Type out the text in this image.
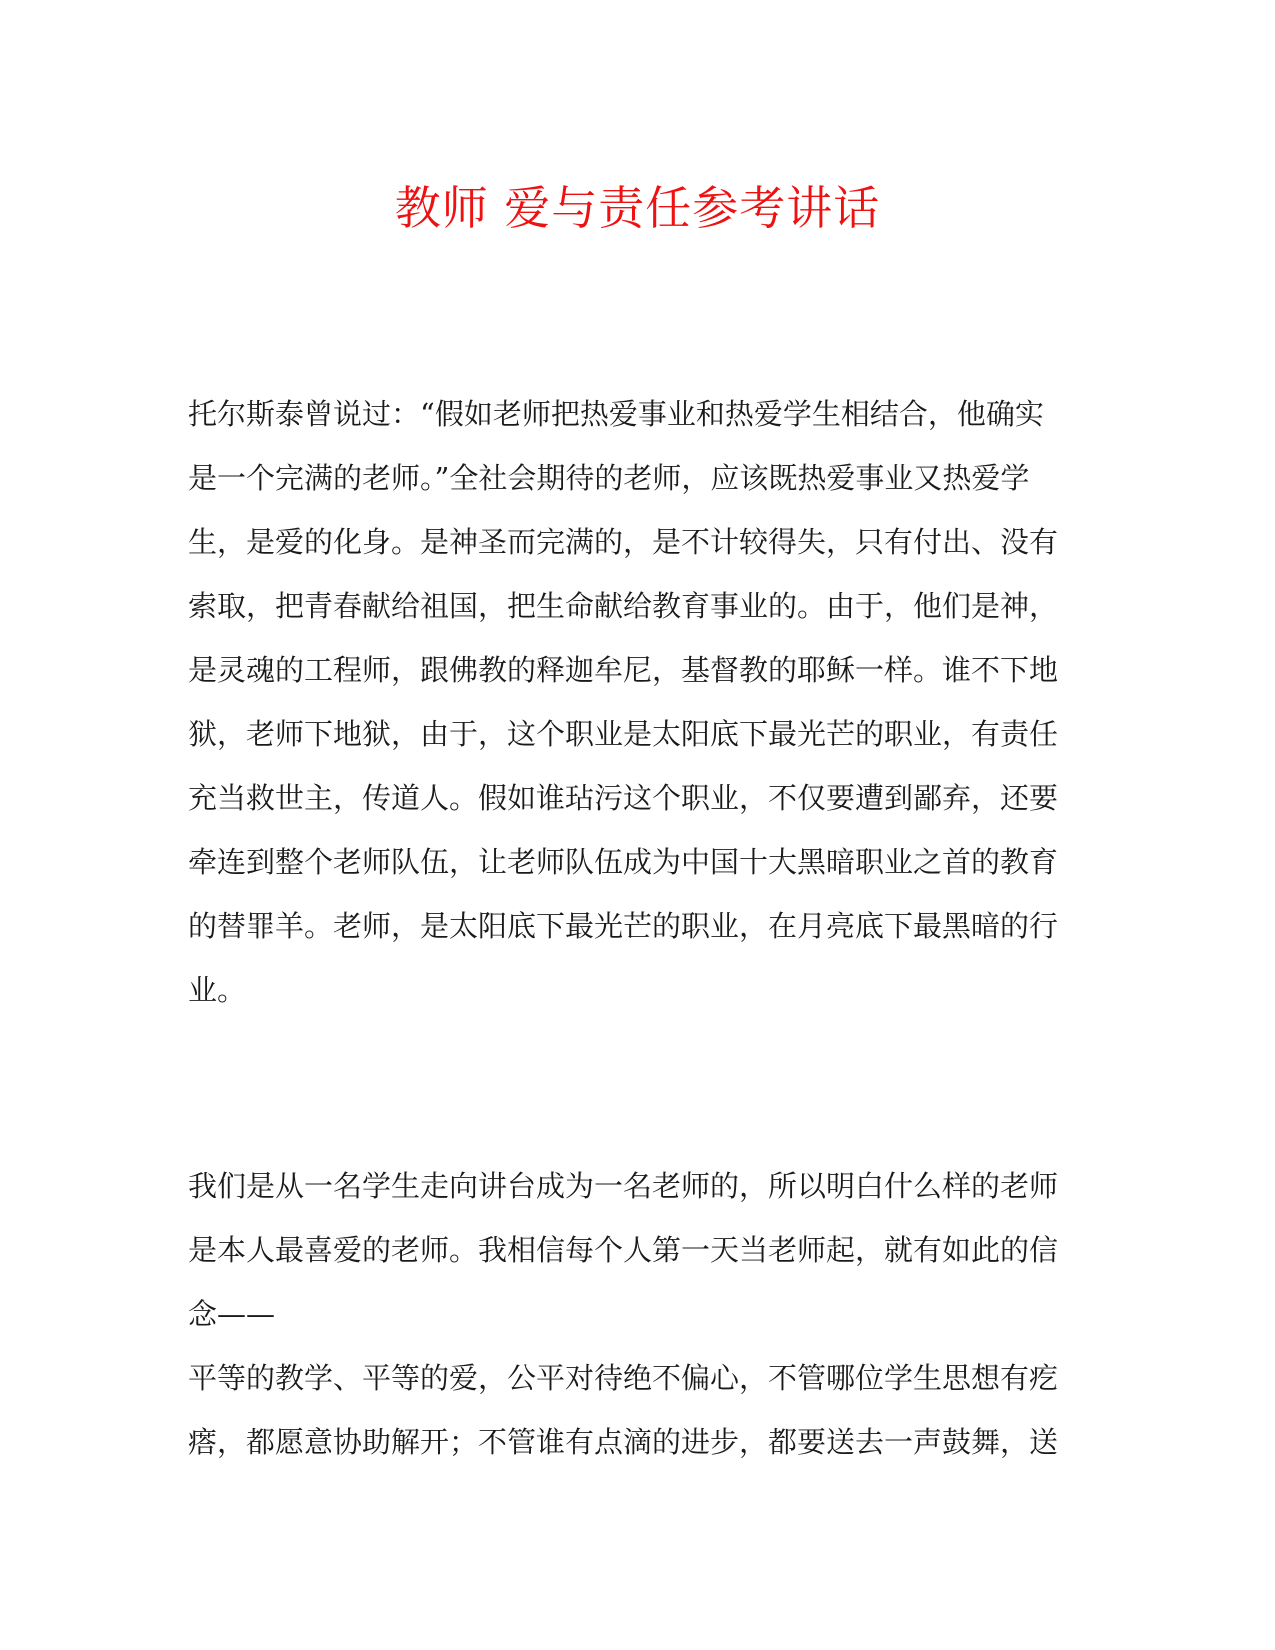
教师 爱与责任参考讲话
托尔斯泰曾说过：“假如老师把热爱事业和热爱学生相结合，他确实
是一个完满的老师。”全社会期待的老师，应该既热爱事业又热爱学
生，是爱的化身。是神圣而完满的，是不计较得失，只有付出、没有
索取，把青春献给祖国，把生命献给教育事业的。由于，他们是神，
是灵魂的工程师，跟佛教的释迦牟尼，基督教的耶稣一样。谁不下地
狱，老师下地狱，由于，这个职业是太阳底下最光芒的职业，有责任
充当救世主，传道人。假如谁玷污这个职业，不仅要遭到鄙弃，还要
牵连到整个老师队伍，让老师队伍成为中国十大黑暗职业之首的教育
的替罪羊。老师，是太阳底下最光芒的职业，在月亮底下最黑暗的行
业。
我们是从一名学生走向讲台成为一名老师的，所以明白什么样的老师
是本人最喜爱的老师。我相信每个人第一天当老师起，就有如此的信
念——
平等的教学、平等的爱，公平对待绝不偏心，不管哪位学生思想有疙
瘩，都愿意协助解开；不管谁有点滴的进步，都要送去一声鼓舞，送
